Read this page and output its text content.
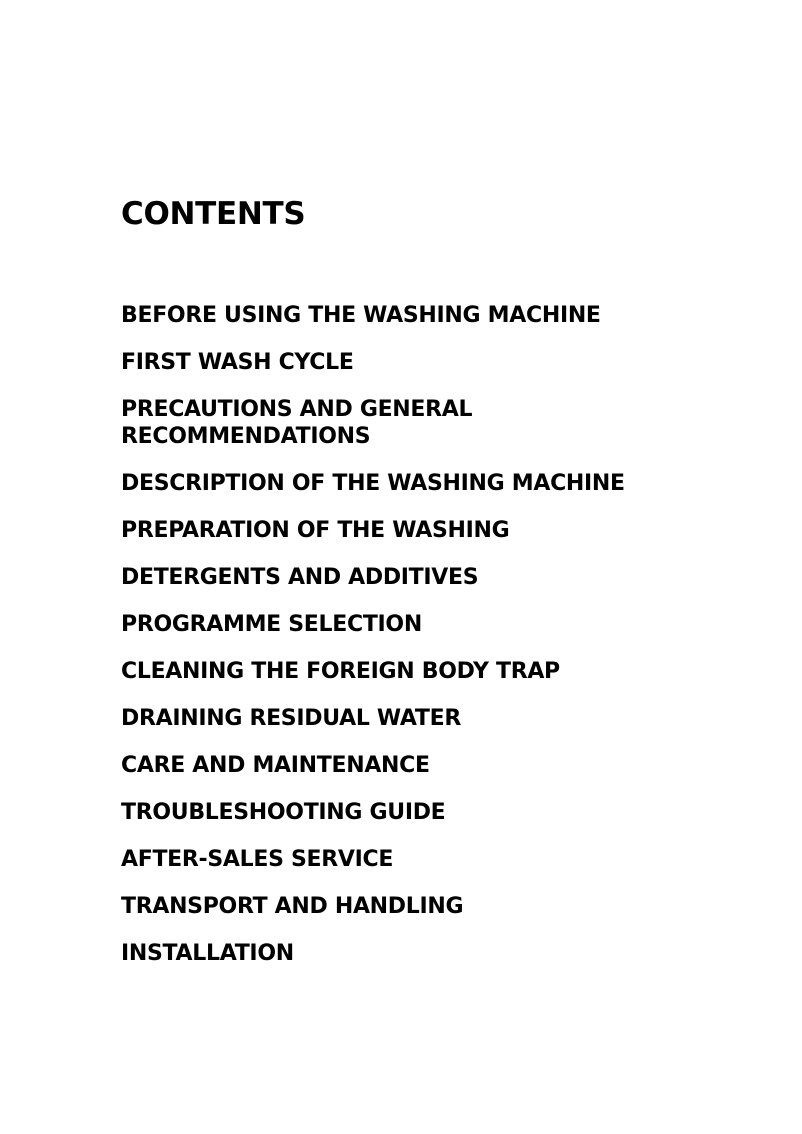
CONTENTS
BEFORE USING THE WASHING MACHINE
FIRST WASH CYCLE
PRECAUTIONS AND GENERAL
RECOMMENDATIONS
DESCRIPTION OF THE WASHING MACHINE
PREPARATION OF THE WASHING
DETERGENTS AND ADDITIVES
PROGRAMME SELECTION
CLEANING THE FOREIGN BODY TRAP
DRAINING RESIDUAL WATER
CARE AND MAINTENANCE
TROUBLESHOOTING GUIDE
AFTER-SALES SERVICE
TRANSPORT AND HANDLING
INSTALLATION
